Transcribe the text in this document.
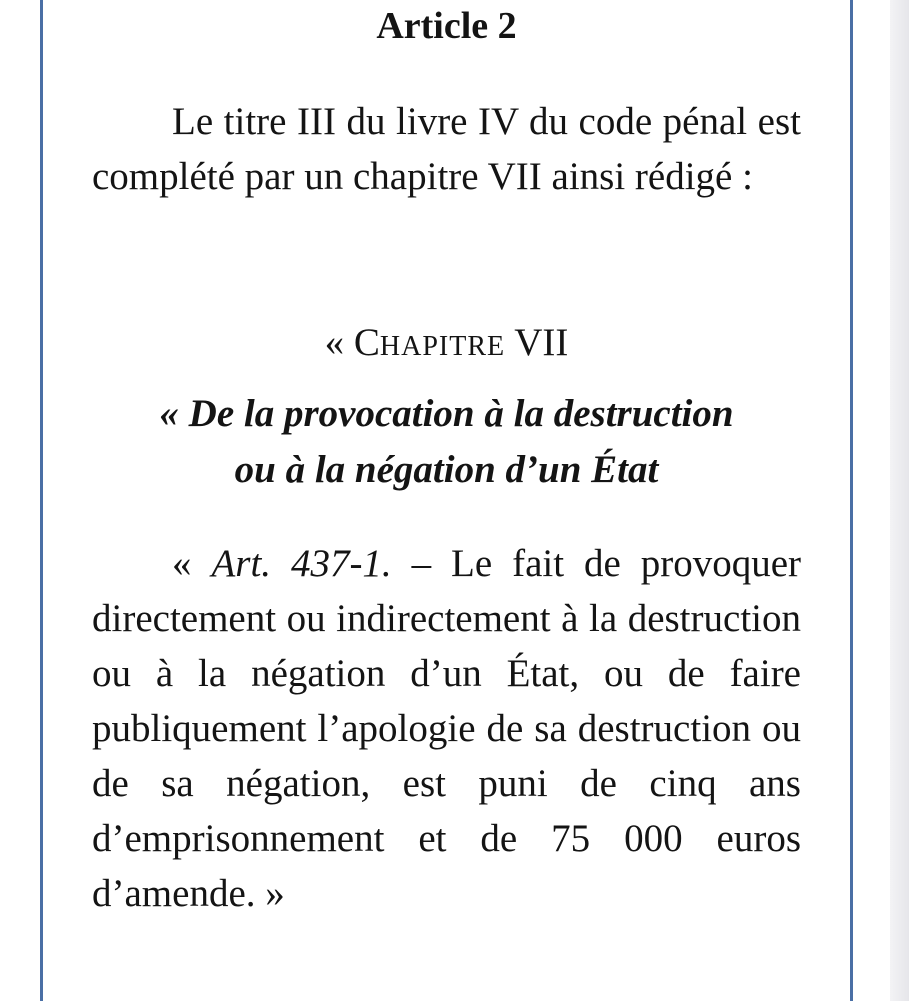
Article 2

Le titre III du livre IV du code pénal est complété par un chapitre VII ainsi rédigé :

« CHAPITRE VII
« De la provocation à la destruction
ou à la négation d’un État

« Art. 437-1. – Le fait de provoquer directement ou indirectement à la destruction ou à la négation d’un État, ou de faire publiquement l’apologie de sa destruction ou de sa négation, est puni de cinq ans d’emprisonnement et de 75 000 euros d’amende. »
